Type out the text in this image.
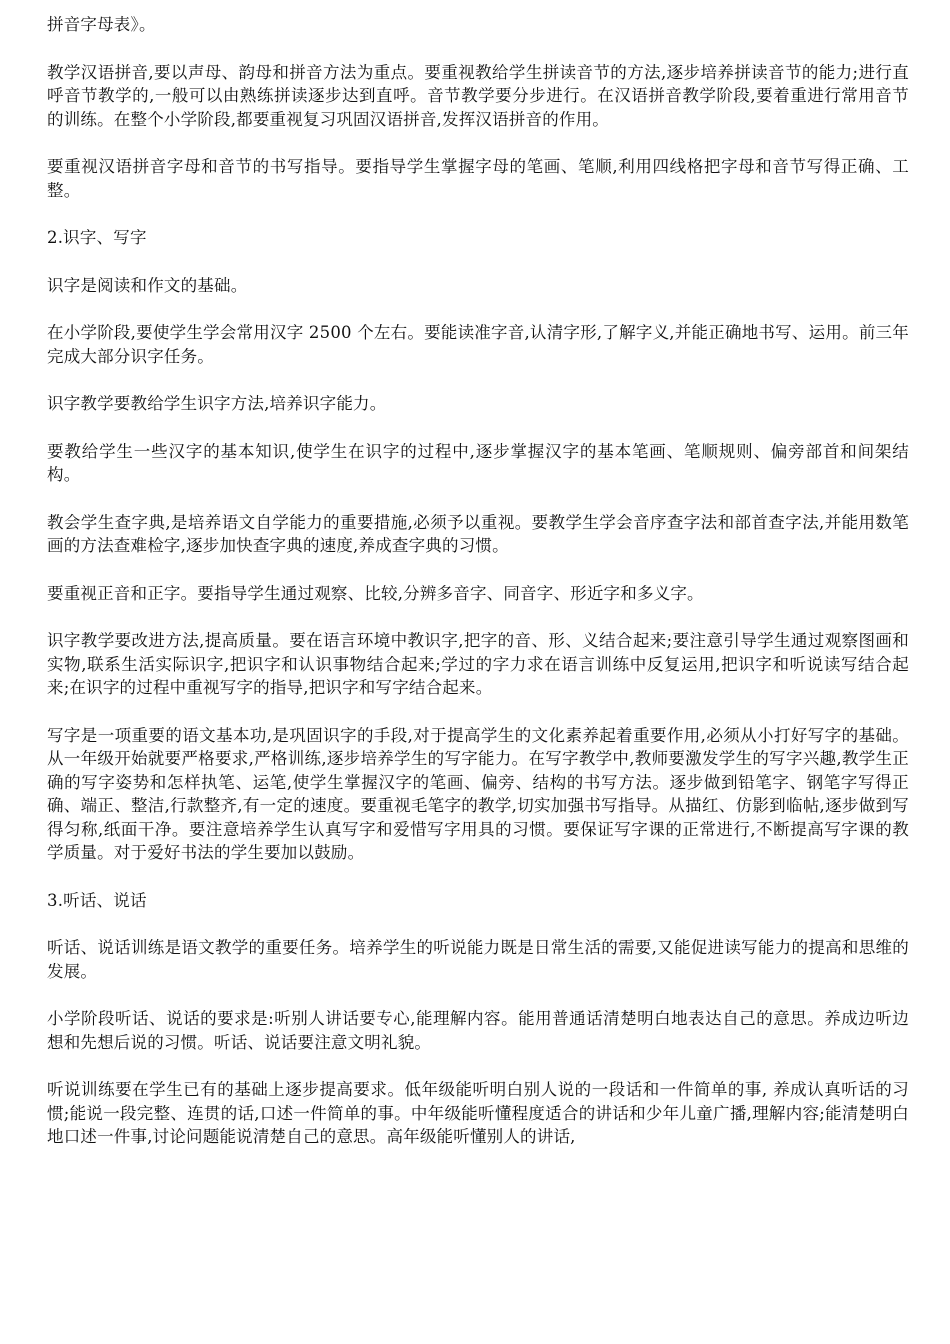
拼音字母表》。

教学汉语拼音,要以声母、韵母和拼音方法为重点。要重视教给学生拼读音节的方法,逐步培养拼读音节的能力;进行直呼音节教学的,一般可以由熟练拼读逐步达到直呼。音节教学要分步进行。在汉语拼音教学阶段,要着重进行常用音节的训练。在整个小学阶段,都要重视复习巩固汉语拼音,发挥汉语拼音的作用。

要重视汉语拼音字母和音节的书写指导。要指导学生掌握字母的笔画、笔顺,利用四线格把字母和音节写得正确、工整。

2.识字、写字

识字是阅读和作文的基础。

在小学阶段,要使学生学会常用汉字 2500 个左右。要能读准字音,认清字形,了解字义,并能正确地书写、运用。前三年完成大部分识字任务。

识字教学要教给学生识字方法,培养识字能力。

要教给学生一些汉字的基本知识,使学生在识字的过程中,逐步掌握汉字的基本笔画、笔顺规则、偏旁部首和间架结构。

教会学生查字典,是培养语文自学能力的重要措施,必须予以重视。要教学生学会音序查字法和部首查字法,并能用数笔画的方法查难检字,逐步加快查字典的速度,养成查字典的习惯。

要重视正音和正字。要指导学生通过观察、比较,分辨多音字、同音字、形近字和多义字。

识字教学要改进方法,提高质量。要在语言环境中教识字,把字的音、形、义结合起来;要注意引导学生通过观察图画和实物,联系生活实际识字,把识字和认识事物结合起来;学过的字力求在语言训练中反复运用,把识字和听说读写结合起来;在识字的过程中重视写字的指导,把识字和写字结合起来。

写字是一项重要的语文基本功,是巩固识字的手段,对于提高学生的文化素养起着重要作用,必须从小打好写字的基础。从一年级开始就要严格要求,严格训练,逐步培养学生的写字能力。在写字教学中,教师要激发学生的写字兴趣,教学生正确的写字姿势和怎样执笔、运笔,使学生掌握汉字的笔画、偏旁、结构的书写方法。逐步做到铅笔字、钢笔字写得正确、端正、整洁,行款整齐,有一定的速度。要重视毛笔字的教学,切实加强书写指导。从描红、仿影到临帖,逐步做到写得匀称,纸面干净。要注意培养学生认真写字和爱惜写字用具的习惯。要保证写字课的正常进行,不断提高写字课的教学质量。对于爱好书法的学生要加以鼓励。

3.听话、说话

听话、说话训练是语文教学的重要任务。培养学生的听说能力既是日常生活的需要,又能促进读写能力的提高和思维的发展。

小学阶段听话、说话的要求是:听别人讲话要专心,能理解内容。能用普通话清楚明白地表达自己的意思。养成边听边想和先想后说的习惯。听话、说话要注意文明礼貌。

听说训练要在学生已有的基础上逐步提高要求。低年级能听明白别人说的一段话和一件简单的事, 养成认真听话的习惯;能说一段完整、连贯的话,口述一件简单的事。中年级能听懂程度适合的讲话和少年儿童广播,理解内容;能清楚明白地口述一件事,讨论问题能说清楚自己的意思。高年级能听懂别人的讲话,
